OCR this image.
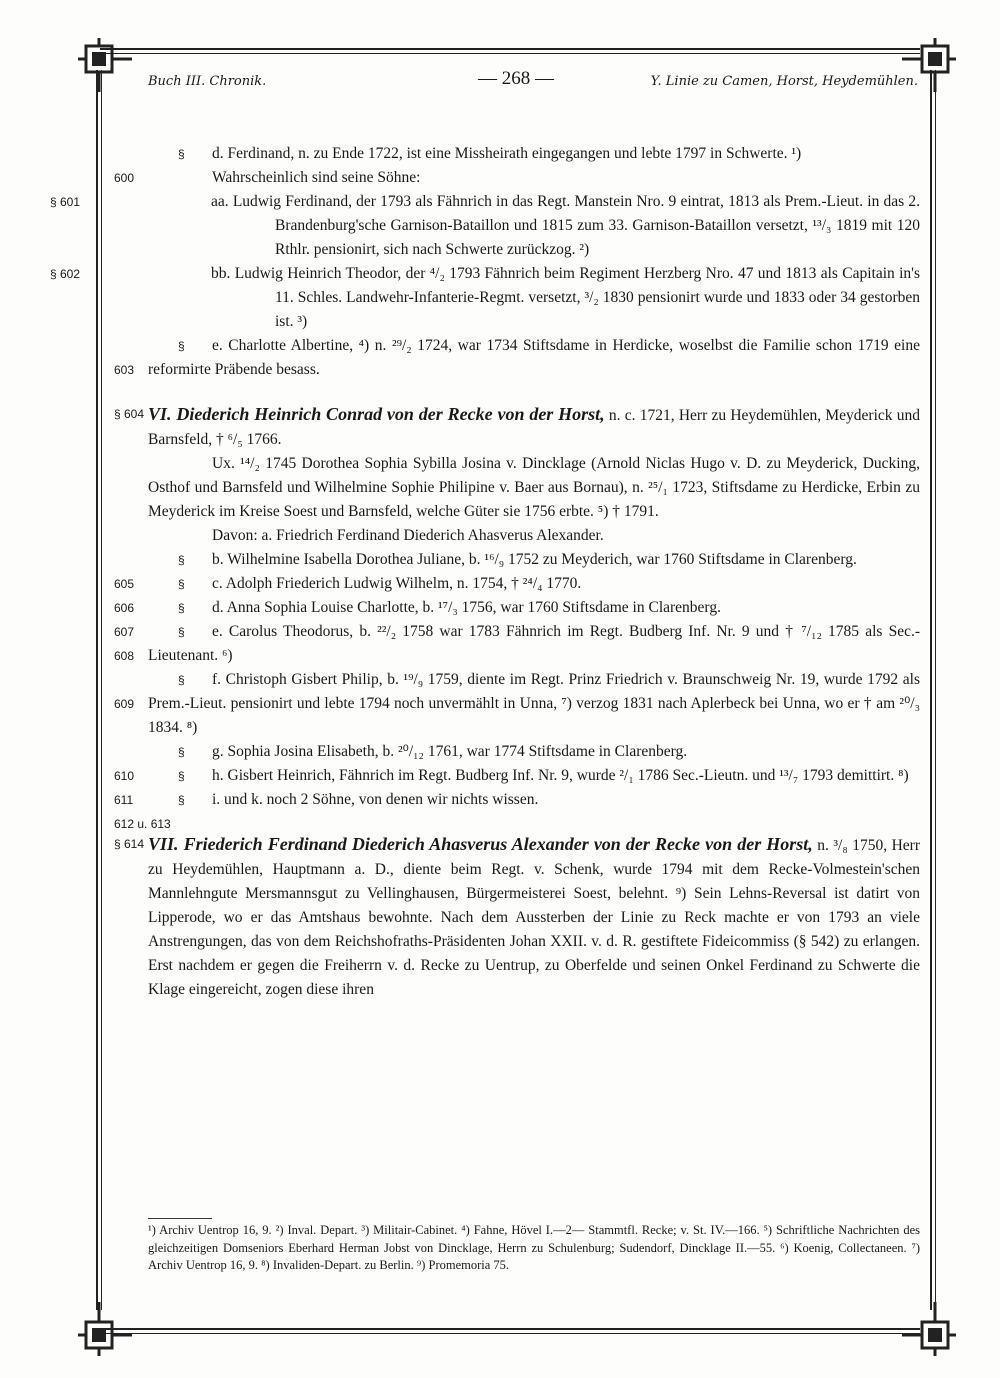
Buch III. Chronik.	— 268 —	Y. Linie zu Camen, Horst, Heydemühlen.

§ 600
d. Ferdinand, n. zu Ende 1722, ist eine Missheirath eingegangen und lebte 1797 in Schwerte. ¹)

Wahrscheinlich sind seine Söhne:

§ 601	aa. Ludwig Ferdinand, der 1793 als Fähnrich in das Regt. Manstein Nro. 9 eintrat, 1813 als Prem.-Lieut. in das 2. Brandenburg'sche Garnison-Bataillon und 1815 zum 33. Garnison-Bataillon versetzt, ¹³/₃ 1819 mit 120 Rthlr. pensionirt, sich nach Schwerte zurückzog. ²)

§ 602	bb. Ludwig Heinrich Theodor, der ⁴/₂ 1793 Fähnrich beim Regiment Herzberg Nro. 47 und 1813 als Capitain in's 11. Schles. Landwehr-Infanterie-Regmt. versetzt, ³/₂ 1830 pensionirt wurde und 1833 oder 34 gestorben ist. ³)

§ 603
e. Charlotte Albertine, ⁴) n. ²⁹/₂ 1724, war 1734 Stiftsdame in Herdicke, woselbst die Familie schon 1719 eine reformirte Präbende besass.

§ 604 VI. Diederich Heinrich Conrad von der Recke von der Horst, n. c. 1721, Herr zu Heydemühlen, Meyderick und Barnsfeld, † ⁶/₅ 1766.

Ux. ¹⁴/₂ 1745 Dorothea Sophia Sybilla Josina v. Dincklage (Arnold Niclas Hugo v. D. zu Meyderick, Ducking, Osthof und Barnsfeld und Wilhelmine Sophie Philipine v. Baer aus Bornau), n. ²⁵/₁ 1723, Stiftsdame zu Herdicke, Erbin zu Meyderick im Kreise Soest und Barnsfeld, welche Güter sie 1756 erbte. ⁵) † 1791.

Davon: a. Friedrich Ferdinand Diederich Ahasverus Alexander.

§ 605
b. Wilhelmine Isabella Dorothea Juliane, b. ¹⁶/₉ 1752 zu Meyderich, war 1760 Stiftsdame in Clarenberg.

§ 606
c. Adolph Friederich Ludwig Wilhelm, n. 1754, † ²⁴/₄ 1770.

§ 607
d. Anna Sophia Louise Charlotte, b. ¹⁷/₃ 1756, war 1760 Stiftsdame in Clarenberg.

§ 608
e. Carolus Theodorus, b. ²²/₂ 1758 war 1783 Fähnrich im Regt. Budberg Inf. Nr. 9 und † ⁷/₁₂ 1785 als Sec.-Lieutenant. ⁶)

§ 609
f. Christoph Gisbert Philip, b. ¹⁹/₉ 1759, diente im Regt. Prinz Friedrich v. Braunschweig Nr. 19, wurde 1792 als Prem.-Lieut. pensionirt und lebte 1794 noch unvermählt in Unna, ⁷) verzog 1831 nach Aplerbeck bei Unna, wo er † am ²⁰/₃ 1834. ⁸)

§ 610
g. Sophia Josina Elisabeth, b. ²⁰/₁₂ 1761, war 1774 Stiftsdame in Clarenberg.

§ 611
h. Gisbert Heinrich, Fähnrich im Regt. Budberg Inf. Nr. 9, wurde ²/₁ 1786 Sec.-Lieutn. und ¹³/₇ 1793 demittirt. ⁸)

§ 612 u. 613
i. und k. noch 2 Söhne, von denen wir nichts wissen.

§ 614 VII. Friederich Ferdinand Diederich Ahasverus Alexander von der Recke von der Horst, n. ³/₈ 1750, Herr zu Heydemühlen, Hauptmann a. D., diente beim Regt. v. Schenk, wurde 1794 mit dem Recke-Volmestein'schen Mannlehngute Mersmannsgut zu Vellinghausen, Bürgermeisterei Soest, belehnt. ⁹) Sein Lehns-Reversal ist datirt von Lipperode, wo er das Amtshaus bewohnte. Nach dem Aussterben der Linie zu Reck machte er von 1793 an viele Anstrengungen, das von dem Reichshofraths-Präsidenten Johan XXII. v. d. R. gestiftete Fideicommiss (§ 542) zu erlangen. Erst nachdem er gegen die Freiherrn v. d. Recke zu Uentrup, zu Oberfelde und seinen Onkel Ferdinand zu Schwerte die Klage eingereicht, zogen diese ihren

¹) Archiv Uentrop 16, 9. ²) Inval. Depart. ³) Militair-Cabinet. ⁴) Fahne, Hövel I.—2— Stammtfl. Recke; v. St. IV.—166. ⁵) Schriftliche Nachrichten des gleichzeitigen Domseniors Eberhard Herman Jobst von Dincklage, Herrn zu Schulenburg; Sudendorf, Dincklage II.—55. ⁶) Koenig, Collectaneen. ⁷) Archiv Uentrop 16, 9. ⁸) Invaliden-Depart. zu Berlin. ⁹) Promemoria 75.
